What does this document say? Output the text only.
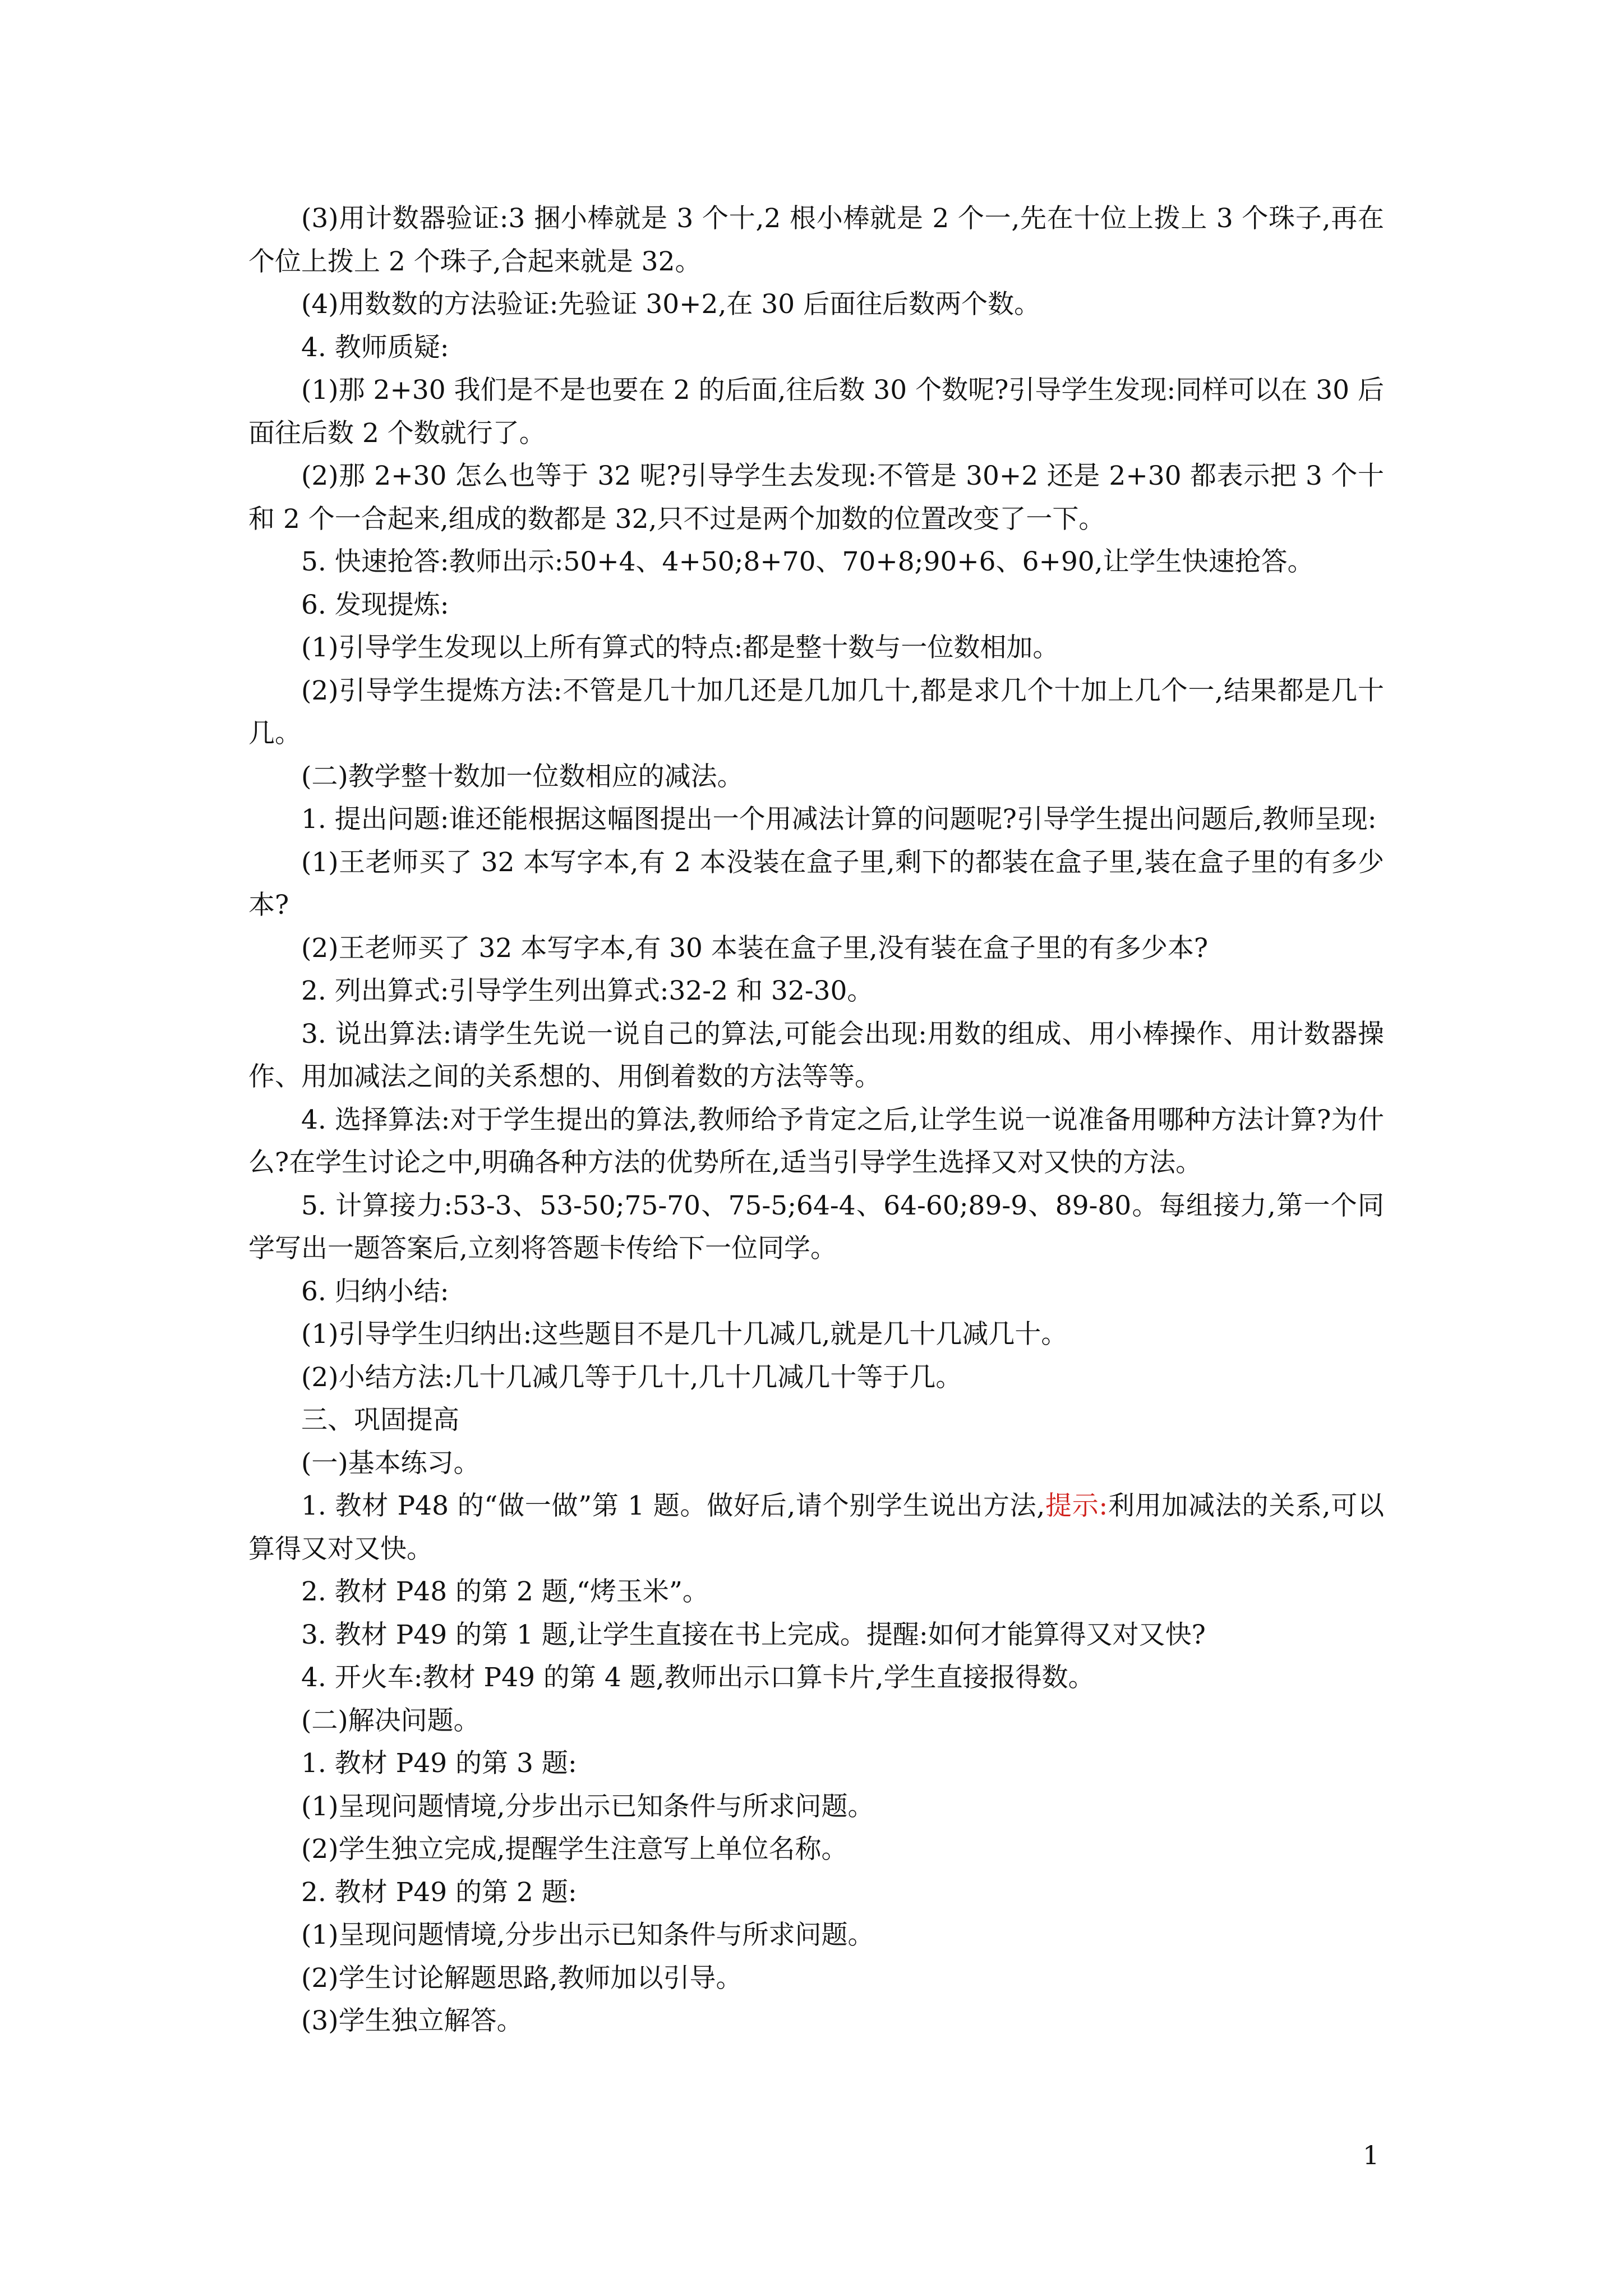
(3)用计数器验证:3 捆小棒就是 3 个十,2 根小棒就是 2 个一,先在十位上拨上 3 个珠子,再在个位上拨上 2 个珠子,合起来就是 32。

(4)用数数的方法验证:先验证 30+2,在 30 后面往后数两个数。

4. 教师质疑:

(1)那 2+30 我们是不是也要在 2 的后面,往后数 30 个数呢?引导学生发现:同样可以在 30 后面往后数 2 个数就行了。

(2)那 2+30 怎么也等于 32 呢?引导学生去发现:不管是 30+2 还是 2+30 都表示把 3 个十和 2 个一合起来,组成的数都是 32,只不过是两个加数的位置改变了一下。

5. 快速抢答:教师出示:50+4、4+50;8+70、70+8;90+6、6+90,让学生快速抢答。

6. 发现提炼:

(1)引导学生发现以上所有算式的特点:都是整十数与一位数相加。

(2)引导学生提炼方法:不管是几十加几还是几加几十,都是求几个十加上几个一,结果都是几十几。

(二)教学整十数加一位数相应的减法。

1. 提出问题:谁还能根据这幅图提出一个用减法计算的问题呢?引导学生提出问题后,教师呈现:

(1)王老师买了 32 本写字本,有 2 本没装在盒子里,剩下的都装在盒子里,装在盒子里的有多少本?

(2)王老师买了 32 本写字本,有 30 本装在盒子里,没有装在盒子里的有多少本?

2. 列出算式:引导学生列出算式:32-2 和 32-30。

3. 说出算法:请学生先说一说自己的算法,可能会出现:用数的组成、用小棒操作、用计数器操作、用加减法之间的关系想的、用倒着数的方法等等。

4. 选择算法:对于学生提出的算法,教师给予肯定之后,让学生说一说准备用哪种方法计算?为什么?在学生讨论之中,明确各种方法的优势所在,适当引导学生选择又对又快的方法。

5. 计算接力:53-3、53-50;75-70、75-5;64-4、64-60;89-9、89-80。每组接力,第一个同学写出一题答案后,立刻将答题卡传给下一位同学。

6. 归纳小结:

(1)引导学生归纳出:这些题目不是几十几减几,就是几十几减几十。

(2)小结方法:几十几减几等于几十,几十几减几十等于几。

三、巩固提高

(一)基本练习。

1. 教材 P48 的“做一做”第 1 题。做好后,请个别学生说出方法,提示:利用加减法的关系,可以算得又对又快。

2. 教材 P48 的第 2 题,“烤玉米”。

3. 教材 P49 的第 1 题,让学生直接在书上完成。提醒:如何才能算得又对又快?

4. 开火车:教材 P49 的第 4 题,教师出示口算卡片,学生直接报得数。

(二)解决问题。

1. 教材 P49 的第 3 题:

(1)呈现问题情境,分步出示已知条件与所求问题。

(2)学生独立完成,提醒学生注意写上单位名称。

2. 教材 P49 的第 2 题:

(1)呈现问题情境,分步出示已知条件与所求问题。

(2)学生讨论解题思路,教师加以引导。

(3)学生独立解答。

1
